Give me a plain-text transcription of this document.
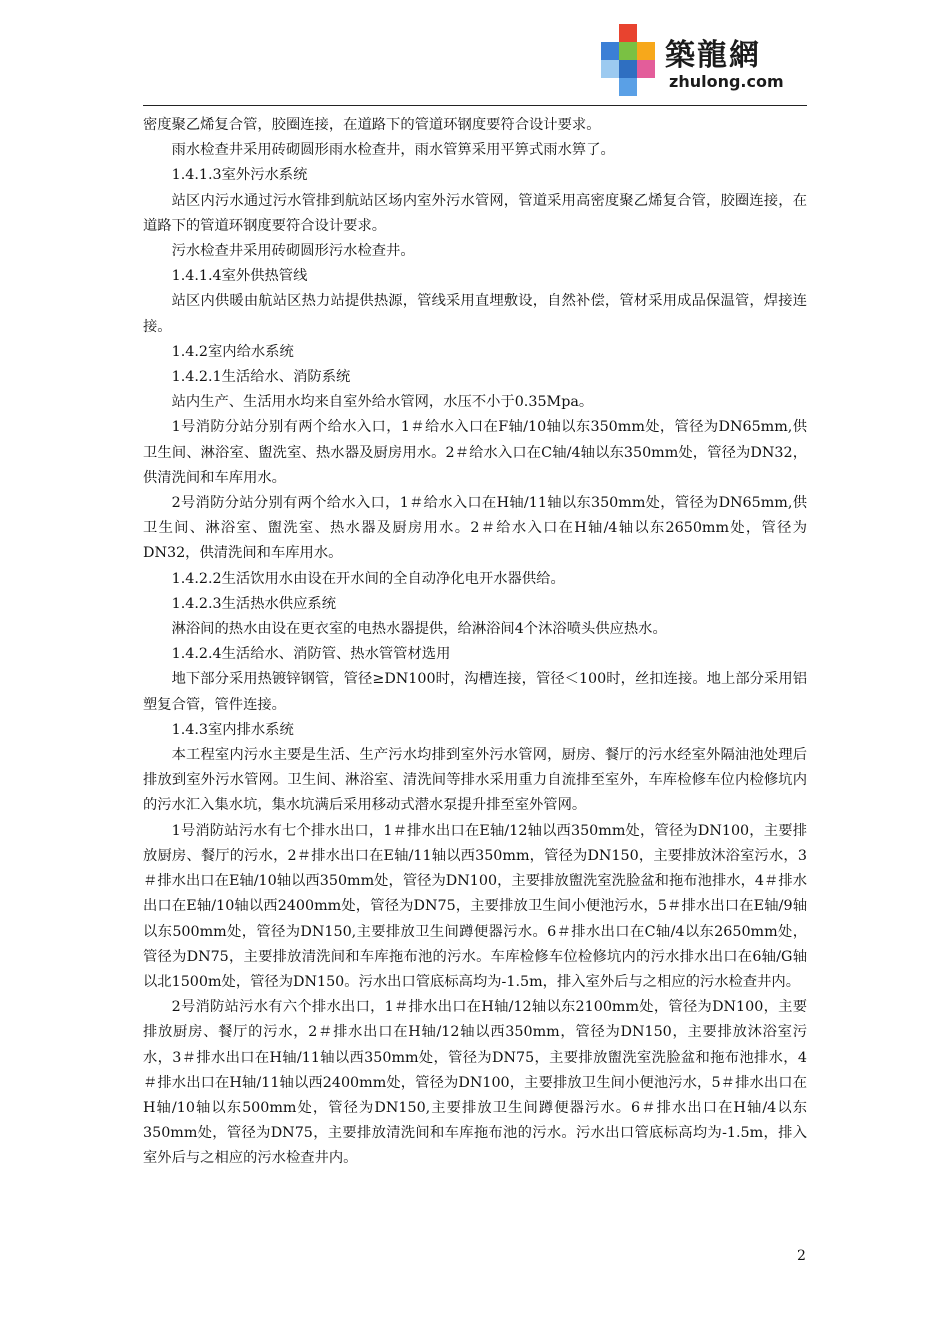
築龍網
zhulong.com

密度聚乙烯复合管，胶圈连接，在道路下的管道环钢度要符合设计要求。

雨水检查井采用砖砌圆形雨水检查井，雨水管箅采用平箅式雨水箅了。

1.4.1.3室外污水系统

站区内污水通过污水管排到航站区场内室外污水管网，管道采用高密度聚乙烯复合管，胶圈连接，在道路下的管道环钢度要符合设计要求。

污水检查井采用砖砌圆形污水检查井。

1.4.1.4室外供热管线

站区内供暖由航站区热力站提供热源，管线采用直埋敷设，自然补偿，管材采用成品保温管，焊接连接。

1.4.2室内给水系统

1.4.2.1生活给水、消防系统

站内生产、生活用水均来自室外给水管网，水压不小于0.35Mpa。

1号消防分站分别有两个给水入口，1＃给水入口在F轴/10轴以东350mm处，管径为DN65mm,供卫生间、淋浴室、盥洗室、热水器及厨房用水。2＃给水入口在C轴/4轴以东350mm处，管径为DN32，供清洗间和车库用水。

2号消防分站分别有两个给水入口，1＃给水入口在H轴/11轴以东350mm处，管径为DN65mm,供卫生间、淋浴室、盥洗室、热水器及厨房用水。2＃给水入口在H轴/4轴以东2650mm处，管径为DN32，供清洗间和车库用水。

1.4.2.2生活饮用水由设在开水间的全自动净化电开水器供给。

1.4.2.3生活热水供应系统

淋浴间的热水由设在更衣室的电热水器提供，给淋浴间4个沐浴喷头供应热水。

1.4.2.4生活给水、消防管、热水管管材选用

地下部分采用热镀锌钢管，管径≥DN100时，沟槽连接，管径＜100时，丝扣连接。地上部分采用铝塑复合管，管件连接。

1.4.3室内排水系统

本工程室内污水主要是生活、生产污水均排到室外污水管网，厨房、餐厅的污水经室外隔油池处理后排放到室外污水管网。卫生间、淋浴室、清洗间等排水采用重力自流排至室外，车库检修车位内检修坑内的污水汇入集水坑，集水坑满后采用移动式潜水泵提升排至室外管网。

1号消防站污水有七个排水出口，1＃排水出口在E轴/12轴以西350mm处，管径为DN100，主要排放厨房、餐厅的污水，2＃排水出口在E轴/11轴以西350mm，管径为DN150，主要排放沐浴室污水，3＃排水出口在E轴/10轴以西350mm处，管径为DN100，主要排放盥洗室洗脸盆和拖布池排水，4＃排水出口在E轴/10轴以西2400mm处，管径为DN75，主要排放卫生间小便池污水，5＃排水出口在E轴/9轴以东500mm处，管径为DN150,主要排放卫生间蹲便器污水。6＃排水出口在C轴/4以东2650mm处，管径为DN75，主要排放清洗间和车库拖布池的污水。车库检修车位检修坑内的污水排水出口在6轴/G轴以北1500m处，管径为DN150。污水出口管底标高均为-1.5m，排入室外后与之相应的污水检查井内。

2号消防站污水有六个排水出口，1＃排水出口在H轴/12轴以东2100mm处，管径为DN100，主要排放厨房、餐厅的污水，2＃排水出口在H轴/12轴以西350mm，管径为DN150，主要排放沐浴室污水，3＃排水出口在H轴/11轴以西350mm处，管径为DN75，主要排放盥洗室洗脸盆和拖布池排水，4＃排水出口在H轴/11轴以西2400mm处，管径为DN100，主要排放卫生间小便池污水，5＃排水出口在H轴/10轴以东500mm处，管径为DN150,主要排放卫生间蹲便器污水。6＃排水出口在H轴/4以东350mm处，管径为DN75，主要排放清洗间和车库拖布池的污水。污水出口管底标高均为-1.5m，排入室外后与之相应的污水检查井内。

2
